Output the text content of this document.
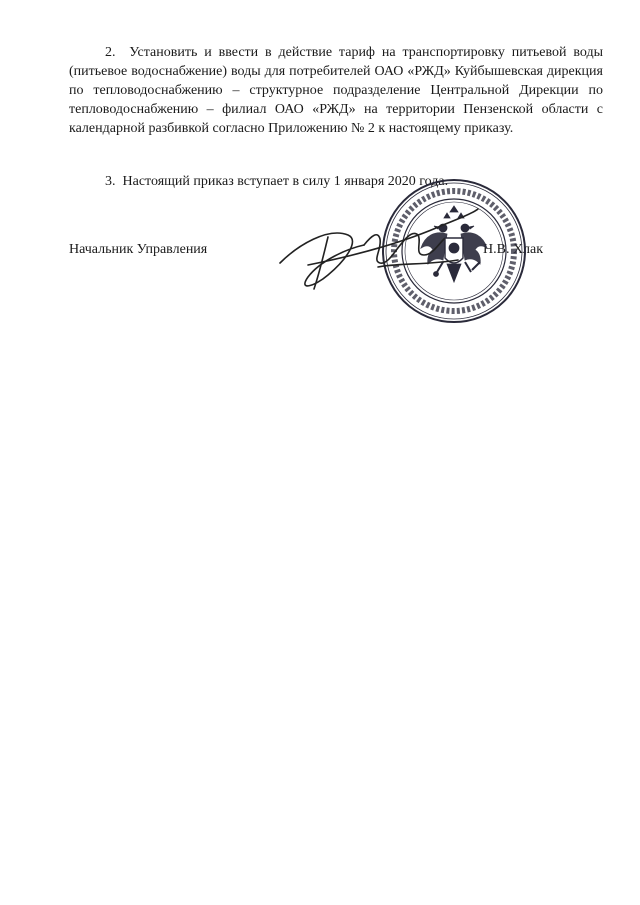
2. Установить и ввести в действие тариф на транспортировку питьевой воды (питьевое водоснабжение) воды для потребителей ОАО «РЖД» Куйбышевская дирекция по тепловодоснабжению – структурное подразделение Центральной Дирекции по тепловодоснабжению – филиал ОАО «РЖД» на территории Пензенской области с календарной разбивкой согласно Приложению № 2 к настоящему приказу.

3. Настоящий приказ вступает в силу 1 января 2020 года.

Начальник Управления	Н.В. Хлак
